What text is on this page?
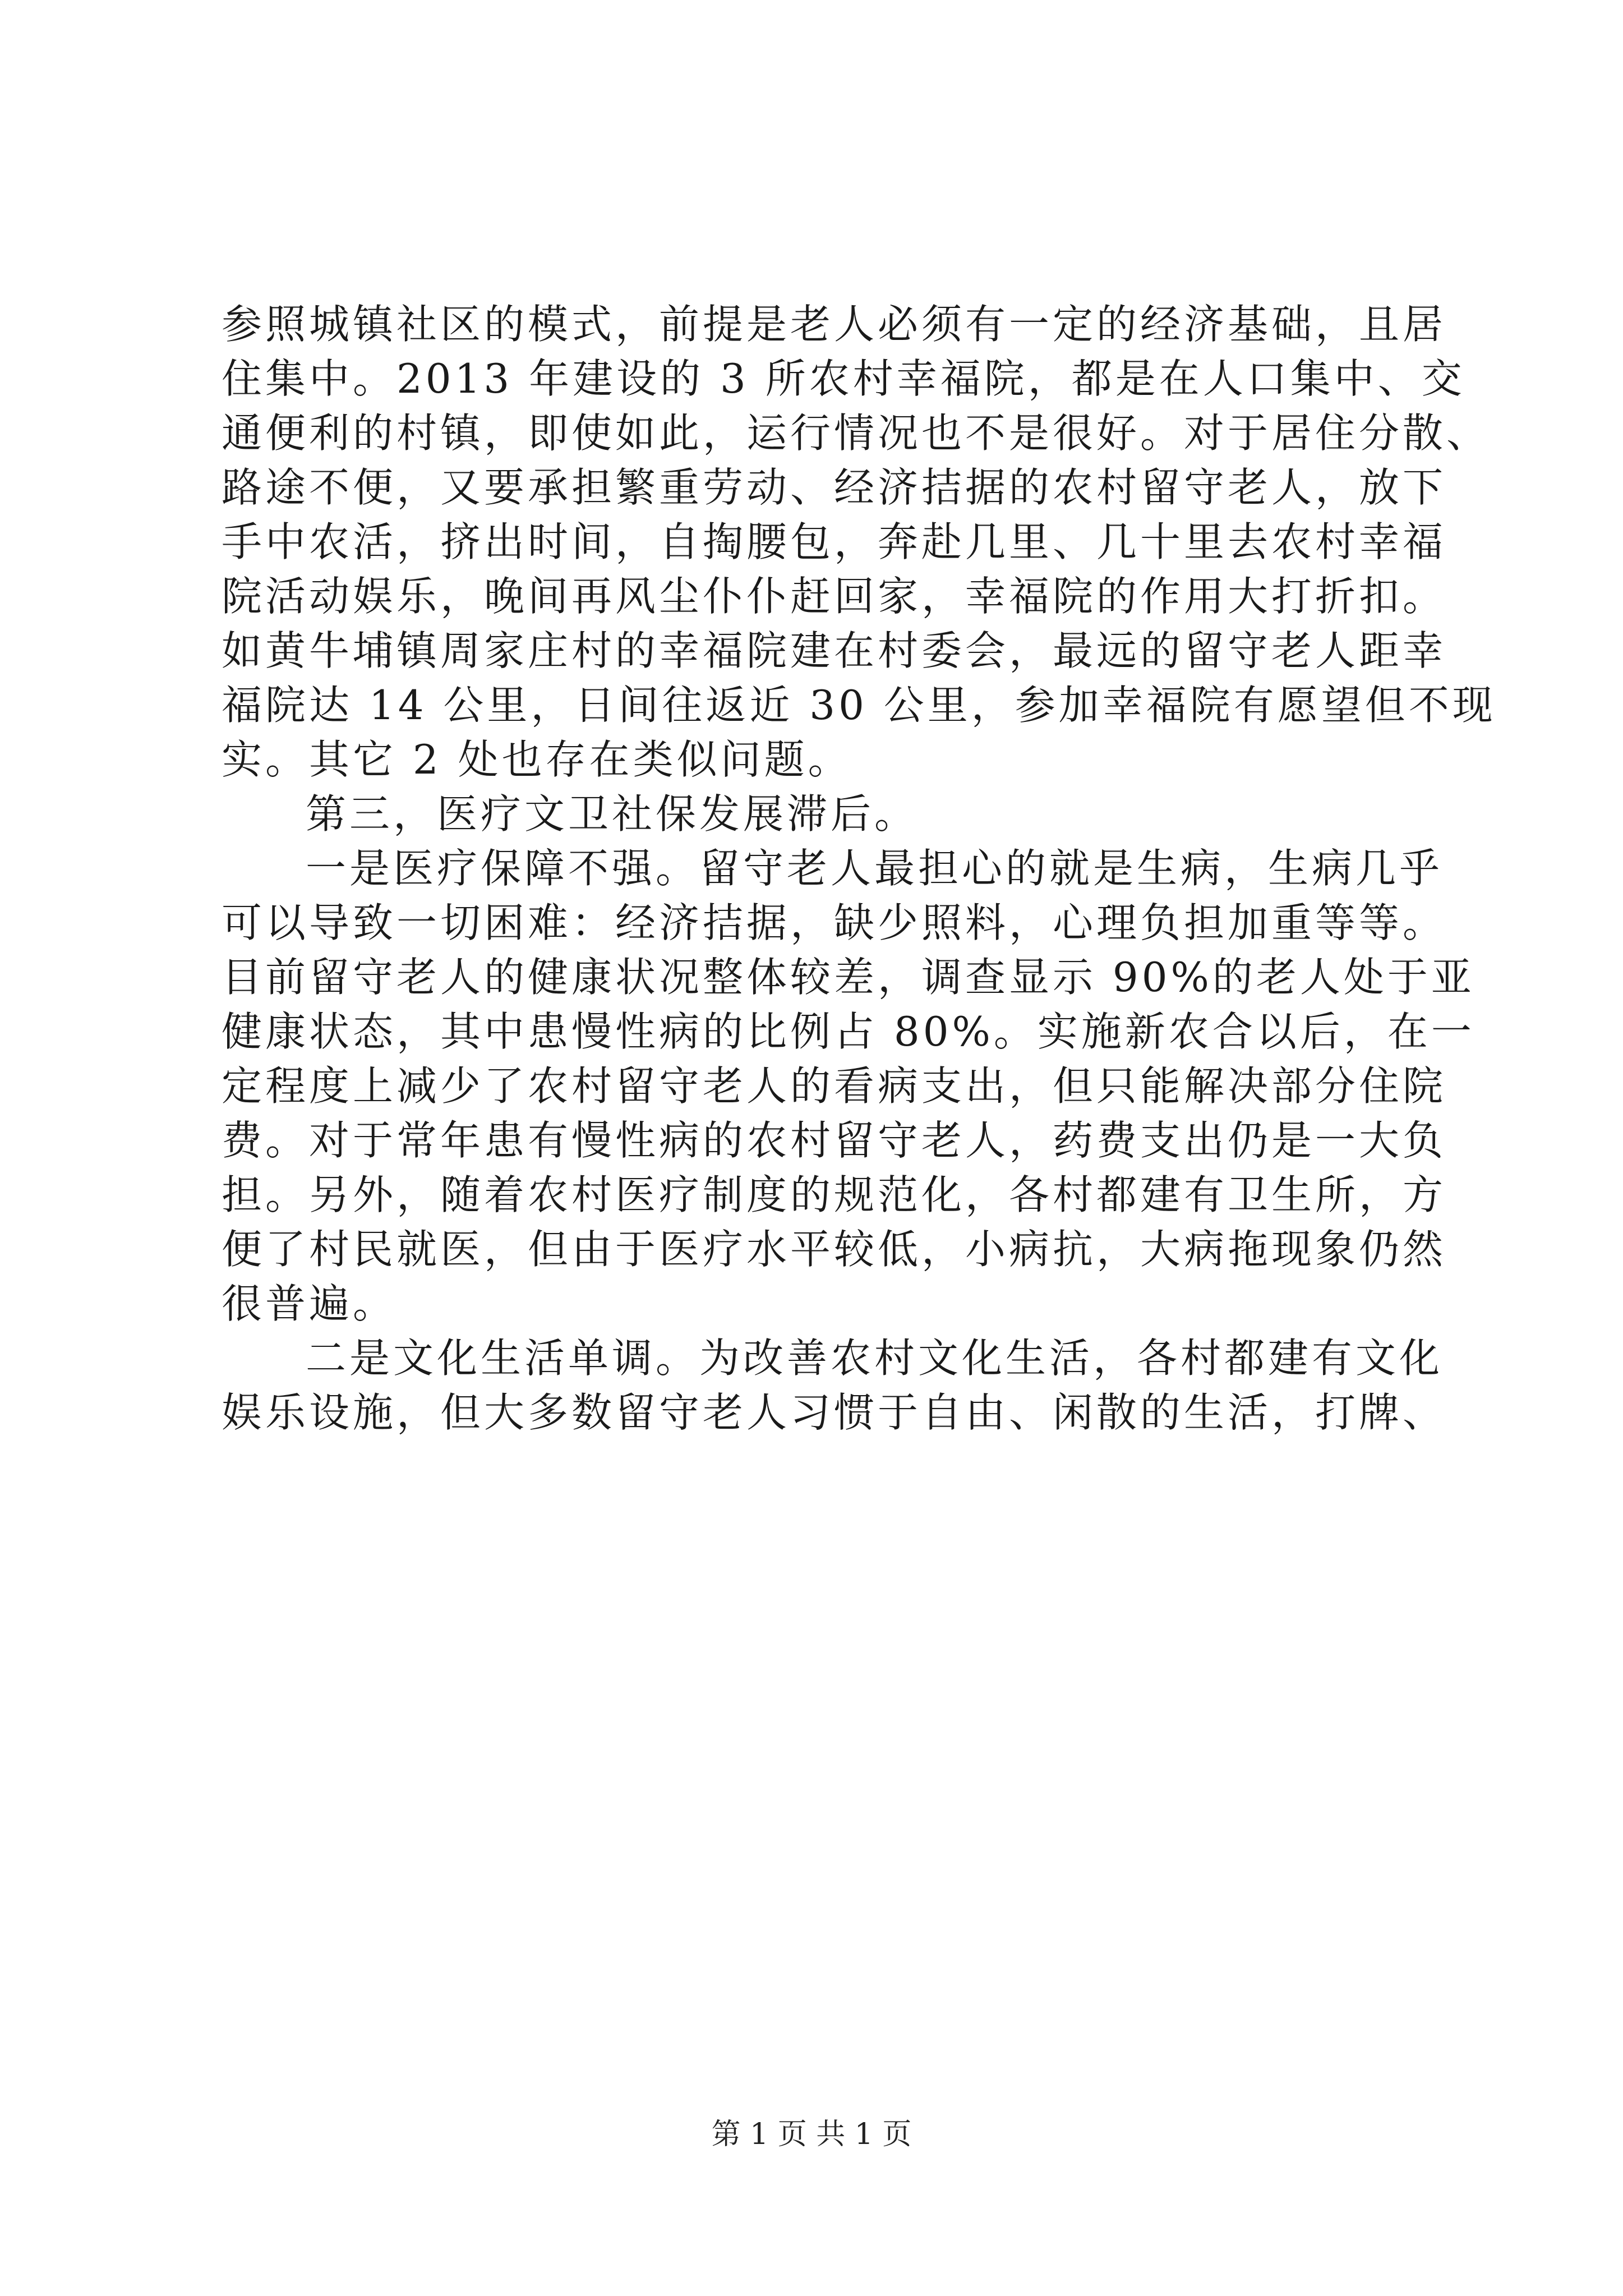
参照城镇社区的模式，前提是老人必须有一定的经济基础，且居
住集中。2013 年建设的 3 所农村幸福院，都是在人口集中、交
通便利的村镇，即使如此，运行情况也不是很好。对于居住分散、
路途不便，又要承担繁重劳动、经济拮据的农村留守老人，放下
手中农活，挤出时间，自掏腰包，奔赴几里、几十里去农村幸福
院活动娱乐，晚间再风尘仆仆赶回家，幸福院的作用大打折扣。
如黄牛埔镇周家庄村的幸福院建在村委会，最远的留守老人距幸
福院达 14 公里，日间往返近 30 公里，参加幸福院有愿望但不现
实。其它 2 处也存在类似问题。
第三，医疗文卫社保发展滞后。
一是医疗保障不强。留守老人最担心的就是生病，生病几乎
可以导致一切困难：经济拮据，缺少照料，心理负担加重等等。
目前留守老人的健康状况整体较差，调查显示 90%的老人处于亚
健康状态，其中患慢性病的比例占 80%。实施新农合以后，在一
定程度上减少了农村留守老人的看病支出，但只能解决部分住院
费。对于常年患有慢性病的农村留守老人，药费支出仍是一大负
担。另外，随着农村医疗制度的规范化，各村都建有卫生所，方
便了村民就医，但由于医疗水平较低，小病抗，大病拖现象仍然
很普遍。
二是文化生活单调。为改善农村文化生活，各村都建有文化
娱乐设施，但大多数留守老人习惯于自由、闲散的生活，打牌、
第 1 页 共 1 页
